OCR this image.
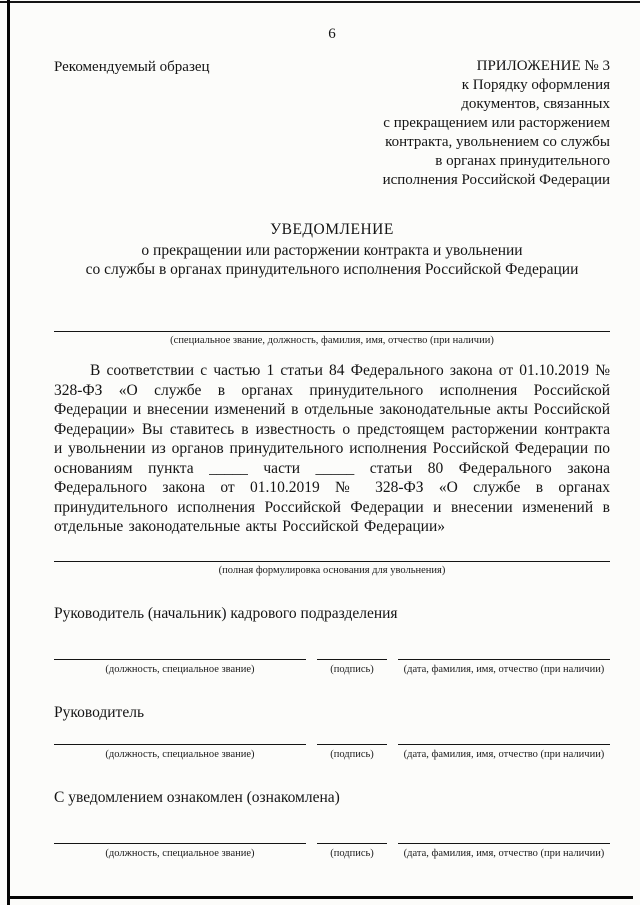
6
Рекомендуемый образец	ПРИЛОЖЕНИЕ № 3
к Порядку оформления
документов, связанных
с прекращением или расторжением
контракта, увольнением со службы
в органах принудительного
исполнения Российской Федерации
УВЕДОМЛЕНИЕ
о прекращении или расторжении контракта и увольнении
со службы в органах принудительного исполнения Российской Федерации
(специальное звание, должность, фамилия, имя, отчество (при наличии)

В соответствии с частью 1 статьи 84 Федерального закона от 01.10.2019 № 328-ФЗ «О службе в органах принудительного исполнения Российской Федерации и внесении изменений в отдельные законодательные акты Российской Федерации» Вы ставитесь в известность о предстоящем расторжении контракта и увольнении из органов принудительного исполнения Российской Федерации по основаниям пункта _____ части _____ статьи 80 Федерального закона Федерального закона от 01.10.2019 № 328-ФЗ «О службе в органах принудительного исполнения Российской Федерации и внесении изменений в отдельные законодательные акты Российской Федерации»

(полная формулировка основания для увольнения)
Руководитель (начальник) кадрового подразделения
(должность, специальное звание)	(подпись)	(дата, фамилия, имя, отчество (при наличии)
Руководитель
(должность, специальное звание)	(подпись)	(дата, фамилия, имя, отчество (при наличии)
С уведомлением ознакомлен (ознакомлена)
(должность, специальное звание)	(подпись)	(дата, фамилия, имя, отчество (при наличии)
